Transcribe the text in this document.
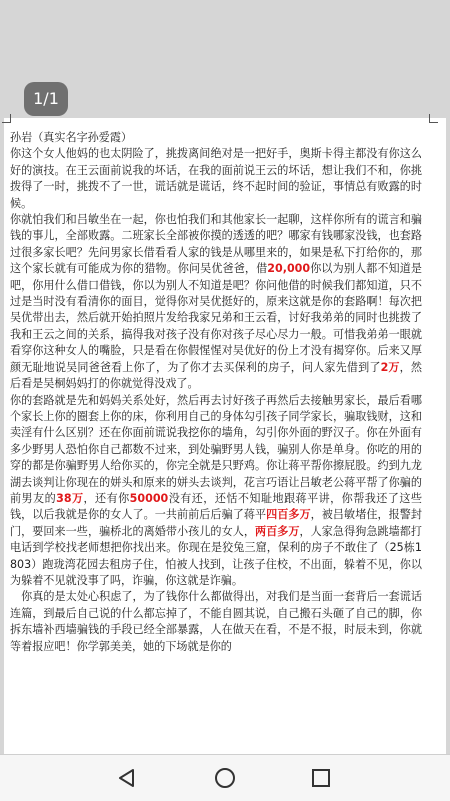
孙岩（真实名字孙爱霞）

你这个女人他妈的也太阴险了，挑拨离间绝对是一把好手，奥斯卡得主都没有你这么好的演技。在王云面前说我的坏话，在我的面前说王云的坏话，想让我们不和，你挑拨得了一时，挑拨不了一世，谎话就是谎话，终不起时间的验证，事情总有败露的时候。

你就怕我们和吕敏坐在一起，你也怕我们和其他家长一起聊，这样你所有的谎言和骗钱的事儿，全部败露。二班家长全部被你摸的透透的吧？哪家有钱哪家没钱，也套路过很多家长吧？先问男家长借看看人家的钱是从哪里来的，如果是私下打给你的，那这个家长就有可能成为你的猎物。你问吴优爸爸，借20,000你以为别人都不知道是吧，你用什么借口借钱，你以为别人不知道是吧？你问他借的时候我们都知道，只不过是当时没有看清你的面目，觉得你对吴优挺好的，原来这就是你的套路啊！每次把吴优带出去，然后就开始拍照片发给我家兄弟和王云看，讨好我弟弟的同时也挑拨了我和王云之间的关系，搞得我对孩子没有你对孩子尽心尽力一般。可惜我弟弟一眼就看穿你这种女人的嘴脸，只是看在你假惺惺对吴优好的份上才没有揭穿你。后来又厚颜无耻地说吴同爸爸看上你了，为了你才去买保利的房子，问人家先借到了2万，然后看是吴桐妈妈打的你就觉得没戏了。

你的套路就是先和妈妈关系处好，然后再去讨好孩子再然后去接触男家长，最后看哪个家长上你的圈套上你的床，你利用自己的身体勾引孩子同学家长，骗取钱财，这和卖淫有什么区别？还在你面前谎说我挖你的墙角，勾引你外面的野汉子。你在外面有多少野男人恐怕你自己都数不过来，到处骗野男人钱，骗别人你是单身。你吃的用的穿的都是你骗野男人给你买的，你完全就是只野鸡。你让蒋平帮你擦屁股。约到九龙湖去谈判让你现在的姘头和原来的姘头去谈判，花言巧语让吕敏老公蒋平帮了你骗的前男友的38万，还有你50000没有还，还恬不知耻地跟蒋平讲，你帮我还了这些钱，以后我就是你的女人了。一共前前后后骗了蒋平四百多万，被吕敏堵住，报警封门，要回来一些，骗桥北的离婚带小孩儿的女人，两百多万，人家急得狗急跳墙都打电话到学校找老师想把你找出来。你现在是狡兔三窟，保利的房子不敢住了（25栋1803）跑珑湾花园去租房子住，怕被人找到，让孩子住校，不出面，躲着不见，你以为躲着不见就没事了吗，诈骗，你这就是诈骗。

　你真的是太处心积虑了，为了钱你什么都做得出，对我们是当面一套背后一套谎话连篇，到最后自己说的什么都忘掉了，不能自圆其说，自己搬石头砸了自己的脚，你拆东墙补西墙骗钱的手段已经全部暴露，人在做天在看，不是不报，时辰未到，你就等着报应吧！你学郭美美，她的下场就是你的

1/1
